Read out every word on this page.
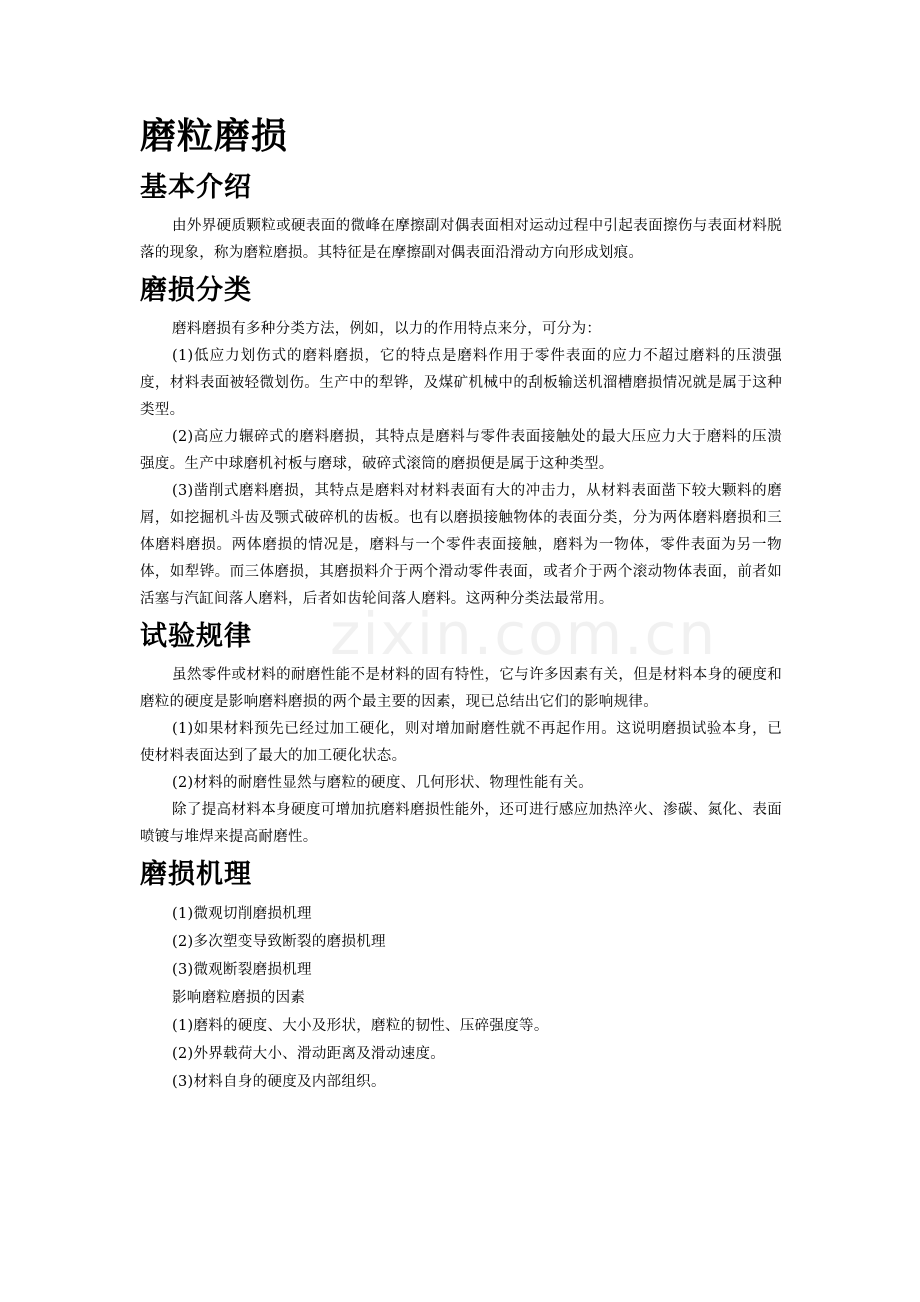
zixin.com.cn
磨粒磨损
基本介绍

由外界硬质颗粒或硬表面的微峰在摩擦副对偶表面相对运动过程中引起表面擦伤与表面材料脱落的现象，称为磨粒磨损。其特征是在摩擦副对偶表面沿滑动方向形成划痕。

磨损分类

磨料磨损有多种分类方法，例如，以力的作用特点来分，可分为：

(1)低应力划伤式的磨料磨损，它的特点是磨料作用于零件表面的应力不超过磨料的压溃强度，材料表面被轻微划伤。生产中的犁铧，及煤矿机械中的刮板输送机溜槽磨损情况就是属于这种类型。

(2)高应力辗碎式的磨料磨损，其特点是磨料与零件表面接触处的最大压应力大于磨料的压溃强度。生产中球磨机衬板与磨球，破碎式滚筒的磨损便是属于这种类型。

(3)凿削式磨料磨损，其特点是磨料对材料表面有大的冲击力，从材料表面凿下较大颗料的磨屑，如挖掘机斗齿及颚式破碎机的齿板。也有以磨损接触物体的表面分类，分为两体磨料磨损和三体磨料磨损。两体磨损的情况是，磨料与一个零件表面接触，磨料为一物体，零件表面为另一物体，如犁铧。而三体磨损，其磨损料介于两个滑动零件表面，或者介于两个滚动物体表面，前者如活塞与汽缸间落人磨料，后者如齿轮间落人磨料。这两种分类法最常用。

试验规律

虽然零件或材料的耐磨性能不是材料的固有特性，它与许多因素有关，但是材料本身的硬度和磨粒的硬度是影响磨料磨损的两个最主要的因素，现已总结出它们的影响规律。

(1)如果材料预先已经过加工硬化，则对增加耐磨性就不再起作用。这说明磨损试验本身，已使材料表面达到了最大的加工硬化状态。

(2)材料的耐磨性显然与磨粒的硬度、几何形状、物理性能有关。

除了提高材料本身硬度可增加抗磨料磨损性能外，还可进行感应加热淬火、渗碳、氮化、表面喷镀与堆焊来提高耐磨性。

磨损机理

(1)微观切削磨损机理

(2)多次塑变导致断裂的磨损机理

(3)微观断裂磨损机理

影响磨粒磨损的因素

(1)磨料的硬度、大小及形状，磨粒的韧性、压碎强度等。

(2)外界载荷大小、滑动距离及滑动速度。

(3)材料自身的硬度及内部组织。
